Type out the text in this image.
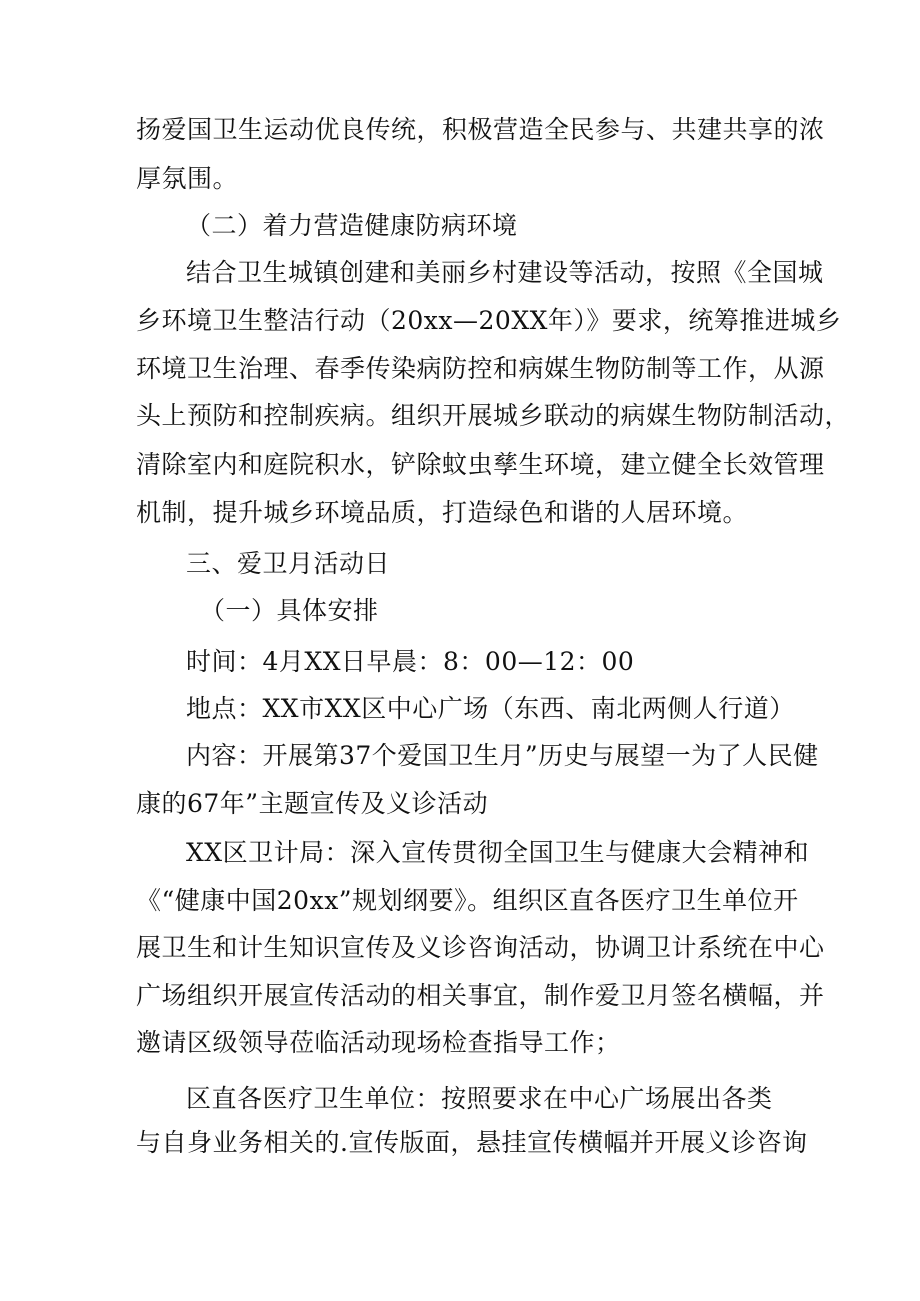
扬爱国卫生运动优良传统，积极营造全民参与、共建共享的浓
厚氛围。
（二）着力营造健康防病环境
结合卫生城镇创建和美丽乡村建设等活动，按照《全国城
乡环境卫生整洁行动（20xx—20XX年）》要求，统筹推进城乡
环境卫生治理、春季传染病防控和病媒生物防制等工作，从源
头上预防和控制疾病。组织开展城乡联动的病媒生物防制活动，
清除室内和庭院积水，铲除蚊虫孳生环境，建立健全长效管理
机制，提升城乡环境品质，打造绿色和谐的人居环境。
三、爱卫月活动日
（一）具体安排
时间：4月XX日早晨：8：00—12：00
地点：XX市XX区中心广场（东西、南北两侧人行道）
内容：开展第37个爱国卫生月”历史与展望一为了人民健
康的67年”主题宣传及义诊活动
XX区卫计局：深入宣传贯彻全国卫生与健康大会精神和
《“健康中国20xx”规划纲要》。组织区直各医疗卫生单位开
展卫生和计生知识宣传及义诊咨询活动，协调卫计系统在中心
广场组织开展宣传活动的相关事宜，制作爱卫月签名横幅，并
邀请区级领导莅临活动现场检查指导工作；
区直各医疗卫生单位：按照要求在中心广场展出各类
与自身业务相关的.宣传版面，悬挂宣传横幅并开展义诊咨询
